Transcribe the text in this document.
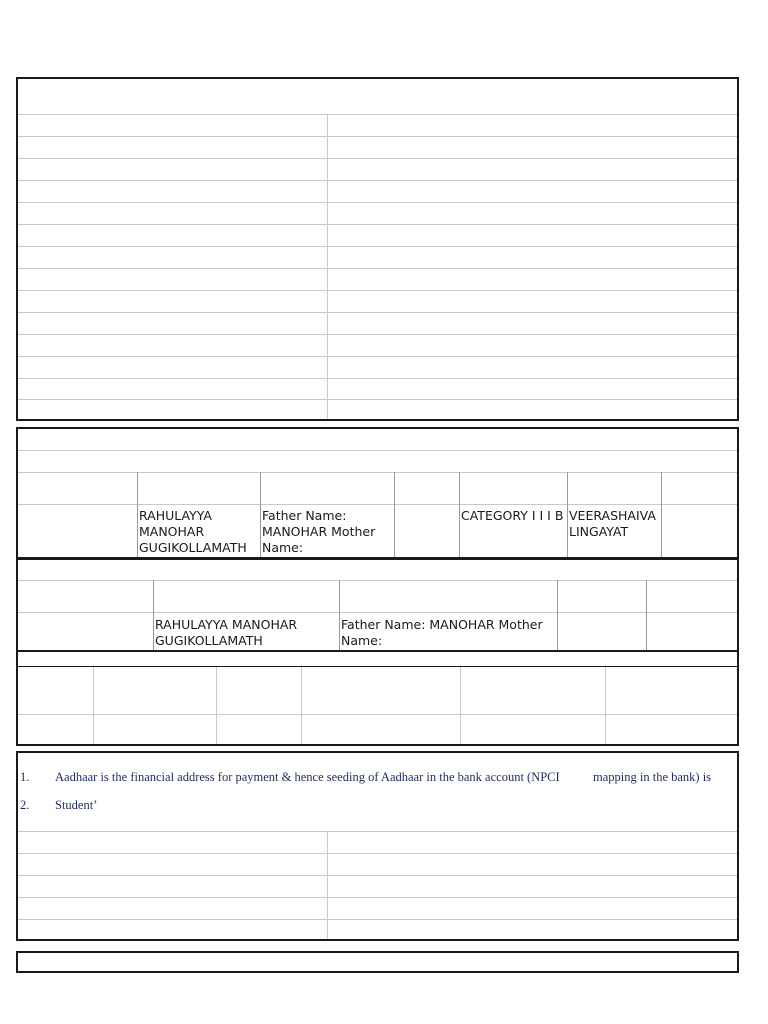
RAHULAYYA MANOHAR GUGIKOLLAMATH
Father Name: MANOHAR Mother Name:
CATEGORY I I I B VEERASHAIVA LINGAYAT
RAHULAYYA MANOHAR GUGIKOLLAMATH
Father Name: MANOHAR Mother Name:
1. Aadhaar is the financial address for payment & hence seeding of Aadhaar in the bank account (NPCI	mapping in the bank) is
2. Student’
